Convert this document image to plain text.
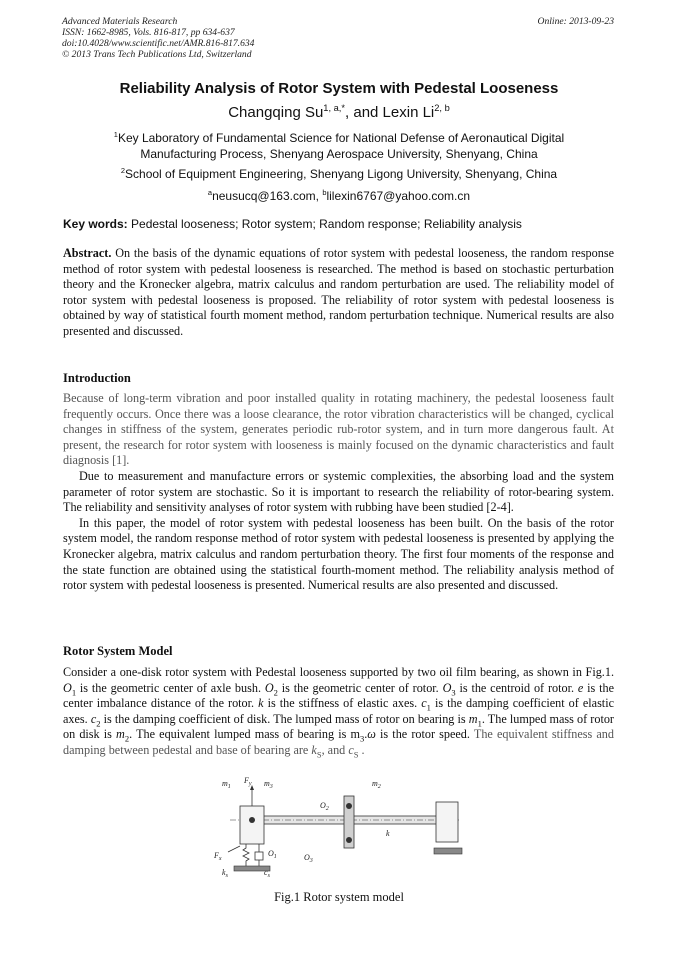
Advanced Materials Research
ISSN: 1662-8985, Vols. 816-817, pp 634-637
doi:10.4028/www.scientific.net/AMR.816-817.634
© 2013 Trans Tech Publications Ltd, Switzerland
Online: 2013-09-23
Reliability Analysis of Rotor System with Pedestal Looseness
Changqing $Su^{1, a,*}$, and Lexin Li$^{2, b}$
$^1$Key Laboratory of Fundamental Science for National Defense of Aeronautical Digital
Manufacturing Process, Shenyang Aerospace University, Shenyang, China
$^2$School of Equipment Engineering, Shenyang Ligong University, Shenyang, China
$^a$neusucq@163.com, $^b$lilexin6767@yahoo.com.cn
Key words: Pedestal looseness; Rotor system; Random response; Reliability analysis

Abstract. On the basis of the dynamic equations of rotor system with pedestal looseness, the random response method of rotor system with pedestal looseness is researched. The method is based on stochastic perturbation theory and the Kronecker algebra, matrix calculus and random perturbation are used. The reliability model of rotor system with pedestal looseness is proposed. The reliability of rotor system with pedestal looseness is obtained by way of statistical fourth moment method, random perturbation technique. Numerical results are also presented and discussed.

Introduction

Because of long-term vibration and poor installed quality in rotating machinery, the pedestal looseness fault frequently occurs. Once there was a loose clearance, the rotor vibration characteristics will be changed, cyclical changes in stiffness of the system, generates periodic rub-rotor system, and in turn more dangerous fault. At present, the research for rotor system with looseness is mainly focused on the dynamic characteristics and fault diagnosis [1].

Due to measurement and manufacture errors or systemic complexities, the absorbing load and the system parameter of rotor system are stochastic. So it is important to research the reliability of rotor-bearing system. The reliability and sensitivity analyses of rotor system with rubbing have been studied [2-4].

In this paper, the model of rotor system with pedestal looseness has been built. On the basis of the rotor system model, the random response method of rotor system with pedestal looseness is presented by applying the Kronecker algebra, matrix calculus and random perturbation theory. The first four moments of the response and the state function are obtained using the statistical fourth-moment method. The reliability analysis method of rotor system with pedestal looseness is presented. Numerical results are also presented and discussed.

Rotor System Model

Consider a one-disk rotor system with Pedestal looseness supported by two oil film bearing, as shown in Fig.1. $O_1$ is the geometric center of axle bush. $O_2$ is the geometric center of rotor. $O_3$ is the centroid of rotor. e is the center imbalance distance of the rotor. k is the stiffness of elastic axes. $c_1$ is the damping coefficient of elastic axes. $c_2$ is the damping coefficient of disk. The lumped mass of rotor on bearing is $m_1$. The lumped mass of rotor on disk is $m_2$. The equivalent lumped mass of bearing is $m_3.\omega$ is the rotor speed. The equivalent stiffness and damping between pedestal and base of bearing are $k_S$, and $c_S$ .

$m_1$
$F_y$ $m_3$	$m_2$
$O_2$
$O_1$	$O_3$
k
$F_x$
$k_s$	$c_s$
Fig.1 Rotor system model
